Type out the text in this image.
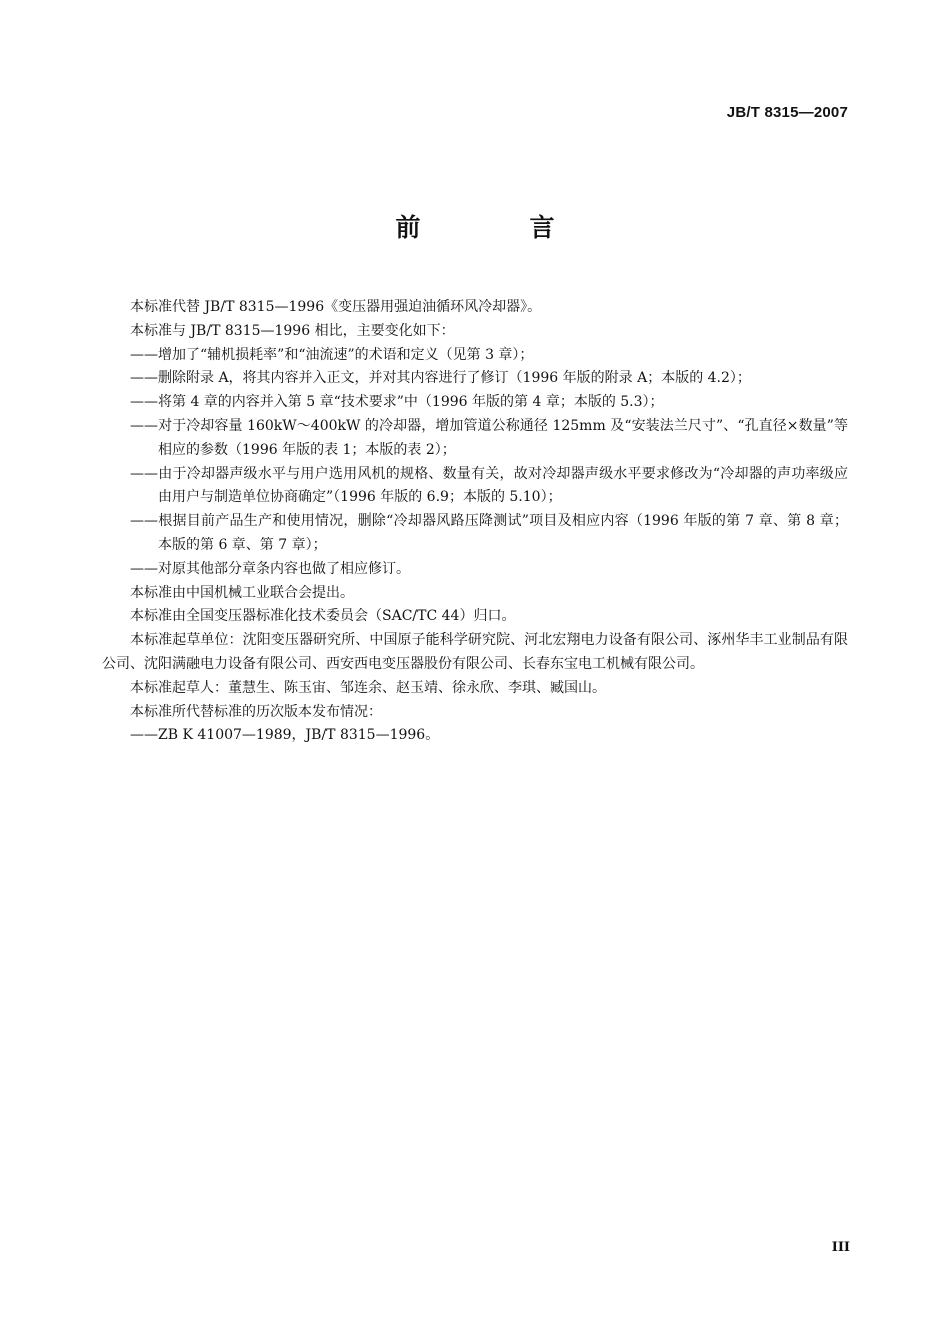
JB/T 8315—2007
前　言

本标准代替 JB/T 8315—1996《变压器用强迫油循环风冷却器》。

本标准与 JB/T 8315—1996 相比，主要变化如下：

——增加了“辅机损耗率”和“油流速”的术语和定义（见第 3 章）；

——删除附录 A，将其内容并入正文，并对其内容进行了修订（1996 年版的附录 A；本版的 4.2）；

——将第 4 章的内容并入第 5 章“技术要求”中（1996 年版的第 4 章；本版的 5.3）；

——对于冷却容量 160kW～400kW 的冷却器，增加管道公称通径 125mm 及“安装法兰尺寸”、“孔直径×数量”等相应的参数（1996 年版的表 1；本版的表 2）；

——由于冷却器声级水平与用户选用风机的规格、数量有关，故对冷却器声级水平要求修改为“冷却器的声功率级应由用户与制造单位协商确定”（1996 年版的 6.9；本版的 5.10）；

——根据目前产品生产和使用情况，删除“冷却器风路压降测试”项目及相应内容（1996 年版的第 7 章、第 8 章；本版的第 6 章、第 7 章）；

——对原其他部分章条内容也做了相应修订。

本标准由中国机械工业联合会提出。

本标准由全国变压器标准化技术委员会（SAC/TC 44）归口。

本标准起草单位：沈阳变压器研究所、中国原子能科学研究院、河北宏翔电力设备有限公司、涿州华丰工业制品有限公司、沈阳满融电力设备有限公司、西安西电变压器股份有限公司、长春东宝电工机械有限公司。

本标准起草人：董慧生、陈玉宙、邹连余、赵玉靖、徐永欣、李琪、臧国山。

本标准所代替标准的历次版本发布情况：

——ZB K 41007—1989，JB/T 8315—1996。

III
